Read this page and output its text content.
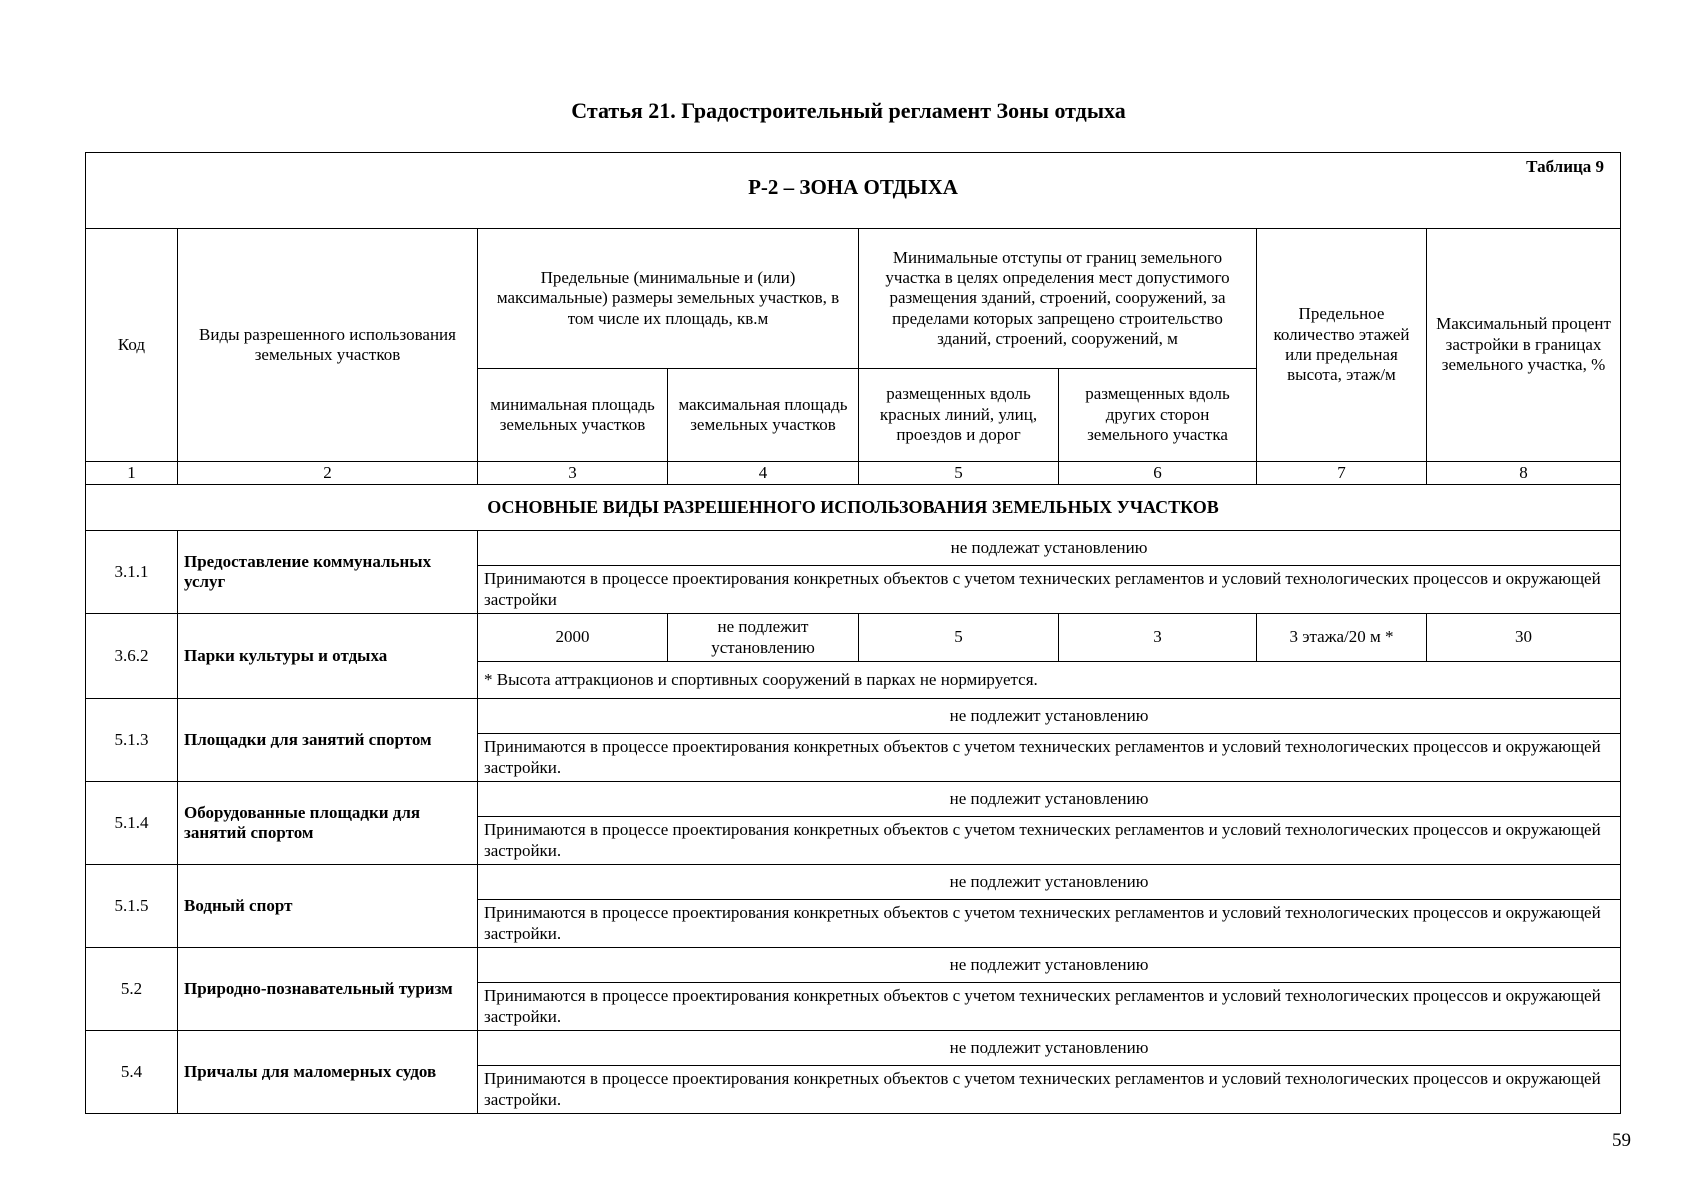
Статья 21. Градостроительный регламент Зоны отдыха
Таблица 9
Р-2 – ЗОНА ОТДЫХА							

Код	Виды разрешенного использования земельных участков	Предельные (минимальные и (или) максимальные) размеры земельных участков, в том числе их площадь, кв.м		Минимальные отступы от границ земельного участка в целях определения мест допустимого размещения зданий, строений, сооружений, за пределами которых запрещено строительство зданий, строений, сооружений, м		Предельное количество этажей или предельная высота, этаж/м	Максимальный процент застройки в границах земельного участка, %
		минимальная площадь земельных участков	максимальная площадь земельных участков	размещенных вдоль красных линий, улиц, проездов и дорог	размещенных вдоль других сторон земельного участка		
1	2	3	4	5	6	7	8
ОСНОВНЫЕ ВИДЫ РАЗРЕШЕННОГО ИСПОЛЬЗОВАНИЯ ЗЕМЕЛЬНЫХ УЧАСТКОВ							
3.1.1	Предоставление коммунальных услуг	не подлежат установлению					
		Принимаются в процессе проектирования конкретных объектов с учетом технических регламентов и условий технологических процессов и окружающей застройки					
3.6.2	Парки культуры и отдыха	2000	не подлежит установлению	5	3	3 этажа/20 м *	30
		* Высота аттракционов и спортивных сооружений в парках не нормируется.					
5.1.3	Площадки для занятий спортом	не подлежит установлению					
		Принимаются в процессе проектирования конкретных объектов с учетом технических регламентов и условий технологических процессов и окружающей застройки.					
5.1.4	Оборудованные площадки для занятий спортом	не подлежит установлению					
		Принимаются в процессе проектирования конкретных объектов с учетом технических регламентов и условий технологических процессов и окружающей застройки.					
5.1.5	Водный спорт	не подлежит установлению					
		Принимаются в процессе проектирования конкретных объектов с учетом технических регламентов и условий технологических процессов и окружающей застройки.					
5.2	Природно-познавательный туризм	не подлежит установлению					
		Принимаются в процессе проектирования конкретных объектов с учетом технических регламентов и условий технологических процессов и окружающей застройки.					
5.4	Причалы для маломерных судов	не подлежит установлению					
		Принимаются в процессе проектирования конкретных объектов с учетом технических регламентов и условий технологических процессов и окружающей застройки.					
59
